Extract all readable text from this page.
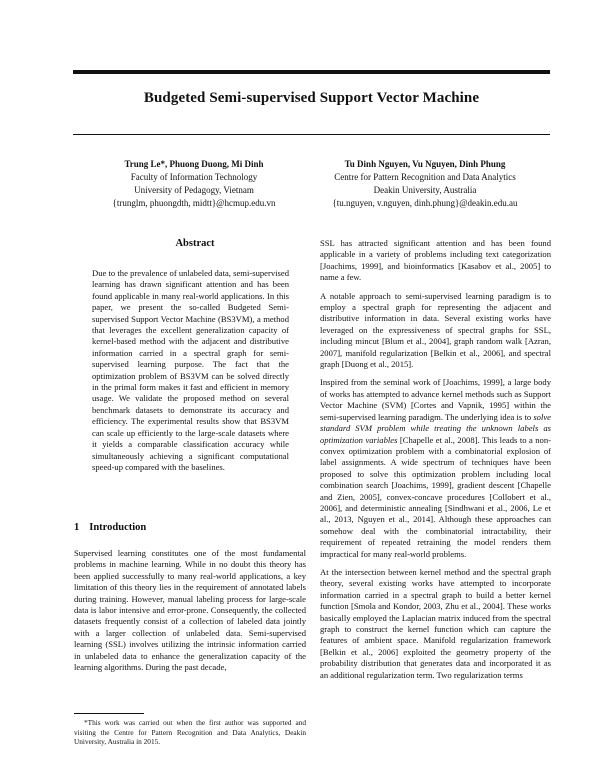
Budgeted Semi-supervised Support Vector Machine
Trung Le*, Phuong Duong, Mi Dinh
Faculty of Information Technology
University of Pedagogy, Vietnam
{trunglm, phuongdth, midtt}@hcmup.edu.vn
Tu Dinh Nguyen, Vu Nguyen, Dinh Phung
Centre for Pattern Recognition and Data Analytics
Deakin University, Australia
{tu.nguyen, v.nguyen, dinh.phung}@deakin.edu.au
Abstract

Due to the prevalence of unlabeled data, semi-supervised learning has drawn significant attention and has been found applicable in many real-world applications. In this paper, we present the so-called Budgeted Semi-supervised Support Vector Machine (BS3VM), a method that leverages the excellent generalization capacity of kernel-based method with the adjacent and distributive information carried in a spectral graph for semi-supervised learning purpose. The fact that the optimization problem of BS3VM can be solved directly in the primal form makes it fast and efficient in memory usage. We validate the proposed method on several benchmark datasets to demonstrate its accuracy and efficiency. The experimental results show that BS3VM can scale up efficiently to the large-scale datasets where it yields a comparable classification accuracy while simultaneously achieving a significant computational speed-up compared with the baselines.

1 Introduction

Supervised learning constitutes one of the most fundamental problems in machine learning. While in no doubt this theory has been applied successfully to many real-world applications, a key limitation of this theory lies in the requirement of annotated labels during training. However, manual labeling process for large-scale data is labor intensive and error-prone. Consequently, the collected datasets frequently consist of a collection of labeled data jointly with a larger collection of unlabeled data. Semi-supervised learning (SSL) involves utilizing the intrinsic information carried in unlabeled data to enhance the generalization capacity of the learning algorithms. During the past decade,

SSL has attracted significant attention and has been found applicable in a variety of problems including text categorization [Joachims, 1999], and bioinformatics [Kasabov et al., 2005] to name a few.

A notable approach to semi-supervised learning paradigm is to employ a spectral graph for representing the adjacent and distributive information in data. Several existing works have leveraged on the expressiveness of spectral graphs for SSL, including mincut [Blum et al., 2004], graph random walk [Azran, 2007], manifold regularization [Belkin et al., 2006], and spectral graph [Duong et al., 2015].

Inspired from the seminal work of [Joachims, 1999], a large body of works has attempted to advance kernel methods such as Support Vector Machine (SVM) [Cortes and Vapnik, 1995] within the semi-supervised learning paradigm. The underlying idea is to solve standard SVM problem while treating the unknown labels as optimization variables [Chapelle et al., 2008]. This leads to a non-convex optimization problem with a combinatorial explosion of label assignments. A wide spectrum of techniques have been proposed to solve this optimization problem including local combination search [Joachims, 1999], gradient descent [Chapelle and Zien, 2005], convex-concave procedures [Collobert et al., 2006], and deterministic annealing [Sindhwani et al., 2006, Le et al., 2013, Nguyen et al., 2014]. Although these approaches can somehow deal with the combinatorial intractability, their requirement of repeated retraining the model renders them impractical for many real-world problems.

At the intersection between kernel method and the spectral graph theory, several existing works have attempted to incorporate information carried in a spectral graph to build a better kernel function [Smola and Kondor, 2003, Zhu et al., 2004]. These works basically employed the Laplacian matrix induced from the spectral graph to construct the kernel function which can capture the features of ambient space. Manifold regularization framework [Belkin et al., 2006] exploited the geometry property of the probability distribution that generates data and incorporated it as an additional regularization term. Two regularization terms

*This work was carried out when the first author was supported and visiting the Centre for Pattern Recognition and Data Analytics, Deakin University, Australia in 2015.
